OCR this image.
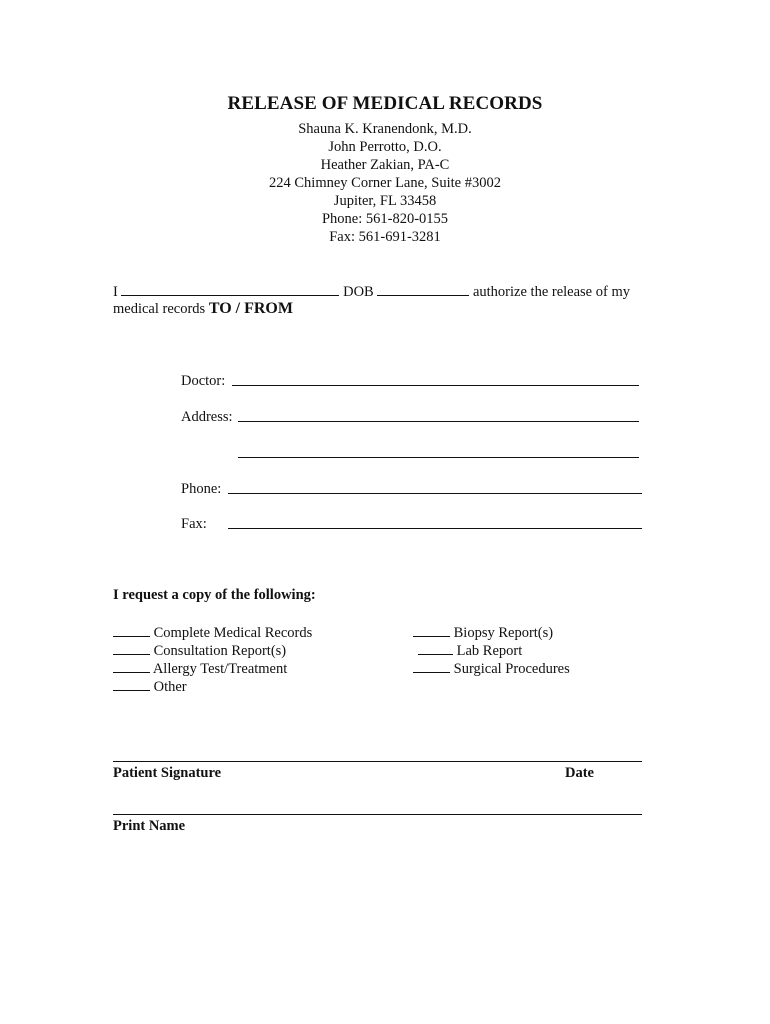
RELEASE OF MEDICAL RECORDS
Shauna K. Kranendonk, M.D.
John Perrotto, D.O.
Heather Zakian, PA-C
224 Chimney Corner Lane, Suite #3002
Jupiter, FL 33458
Phone: 561-820-0155
Fax: 561-691-3281
I	DOB	authorize the release of my
medical records TO / FROM
Doctor:
Address:
Phone:
Fax:
I request a copy of the following:
Complete Medical Records
Consultation Report(s)
Allergy Test/Treatment
Other
Biopsy Report(s)
Lab Report
Surgical Procedures
Patient Signature	Date
Print Name
